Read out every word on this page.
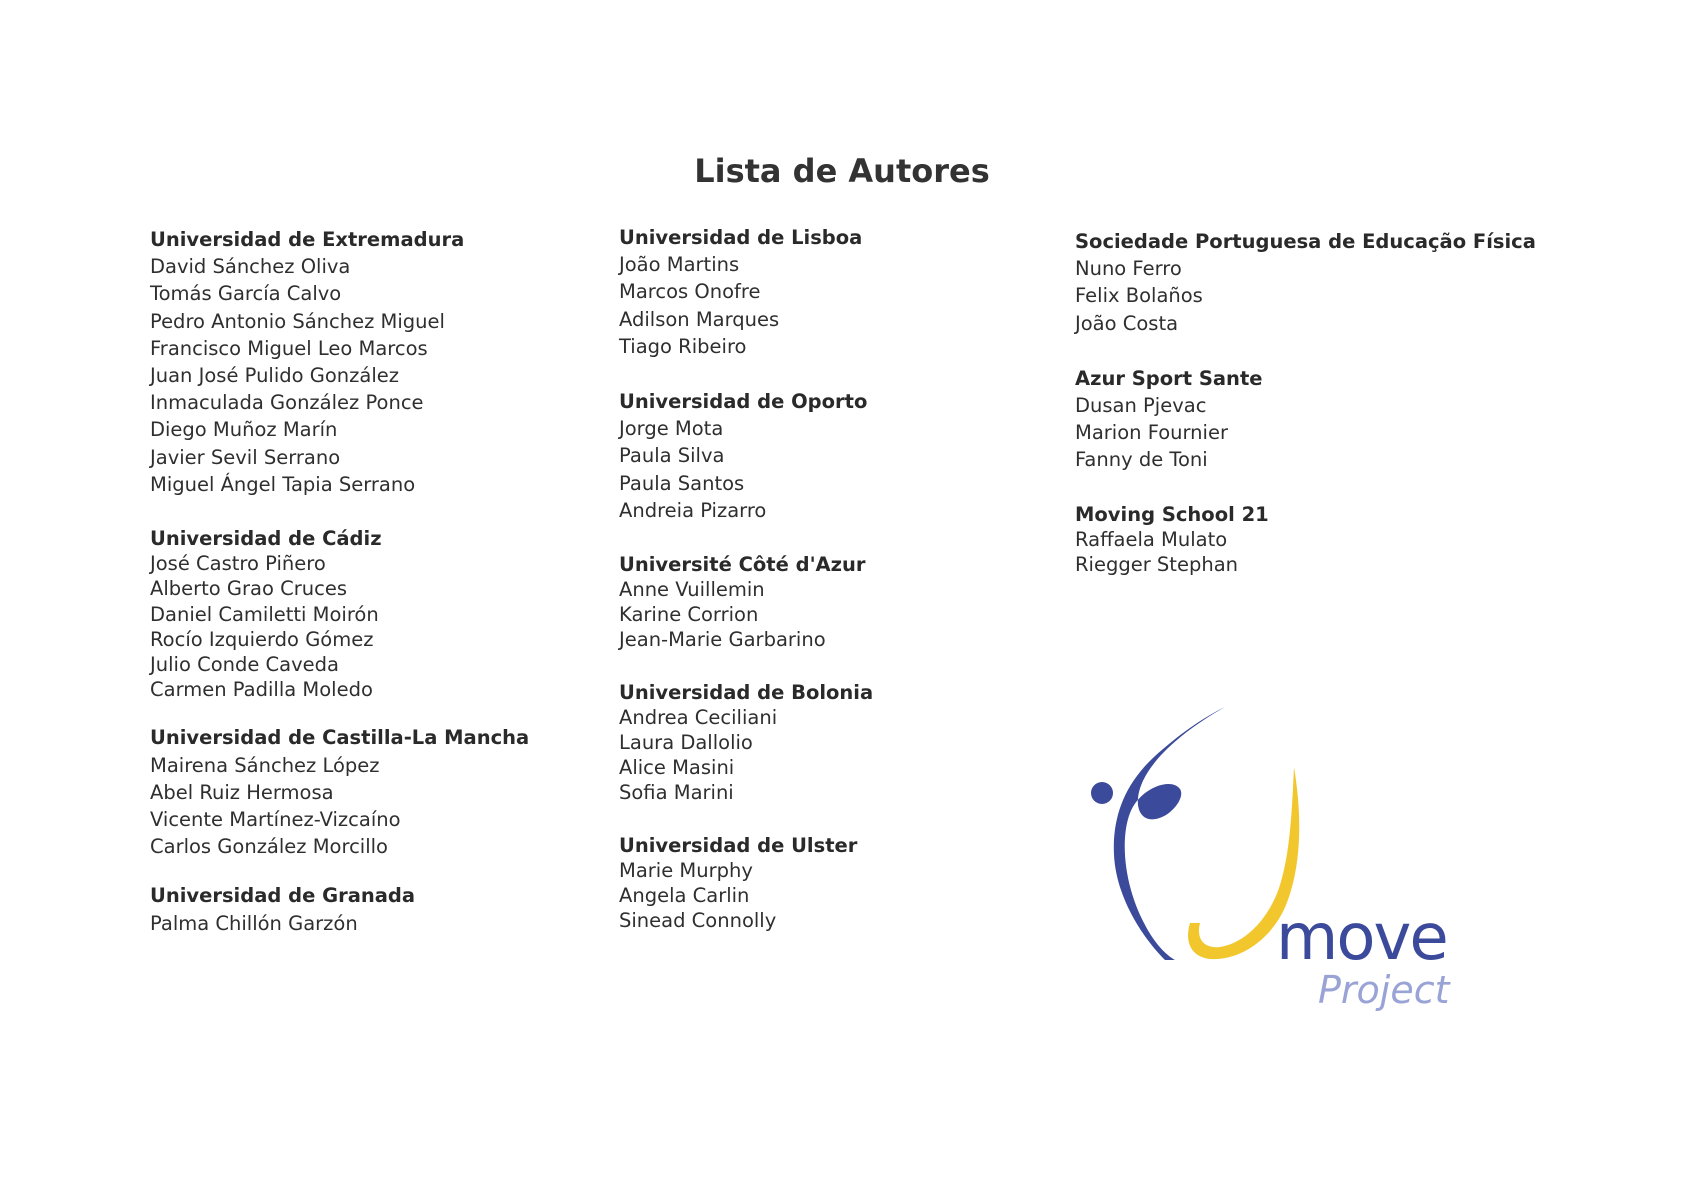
Lista de Autores
Universidad de Extremadura
David Sánchez Oliva
Tomás García Calvo
Pedro Antonio Sánchez Miguel
Francisco Miguel Leo Marcos
Juan José Pulido González
Inmaculada González Ponce
Diego Muñoz Marín
Javier Sevil Serrano
Miguel Ángel Tapia Serrano
Universidad de Cádiz
José Castro Piñero
Alberto Grao Cruces
Daniel Camiletti Moirón
Rocío Izquierdo Gómez
Julio Conde Caveda
Carmen Padilla Moledo
Universidad de Castilla-La Mancha
Mairena Sánchez López
Abel Ruiz Hermosa
Vicente Martínez-Vizcaíno
Carlos González Morcillo
Universidad de Granada
Palma Chillón Garzón
Universidad de Lisboa
João Martins
Marcos Onofre
Adilson Marques
Tiago Ribeiro
Universidad de Oporto
Jorge Mota
Paula Silva
Paula Santos
Andreia Pizarro
Université Côté d'Azur
Anne Vuillemin
Karine Corrion
Jean-Marie Garbarino
Universidad de Bolonia
Andrea Ceciliani
Laura Dallolio
Alice Masini
Sofia Marini
Universidad de Ulster
Marie Murphy
Angela Carlin
Sinead Connolly
Sociedade Portuguesa de Educação Física
Nuno Ferro
Felix Bolaños
João Costa
Azur Sport Sante
Dusan Pjevac
Marion Fournier
Fanny de Toni
Moving School 21
Raffaela Mulato
Riegger Stephan
move
Project
